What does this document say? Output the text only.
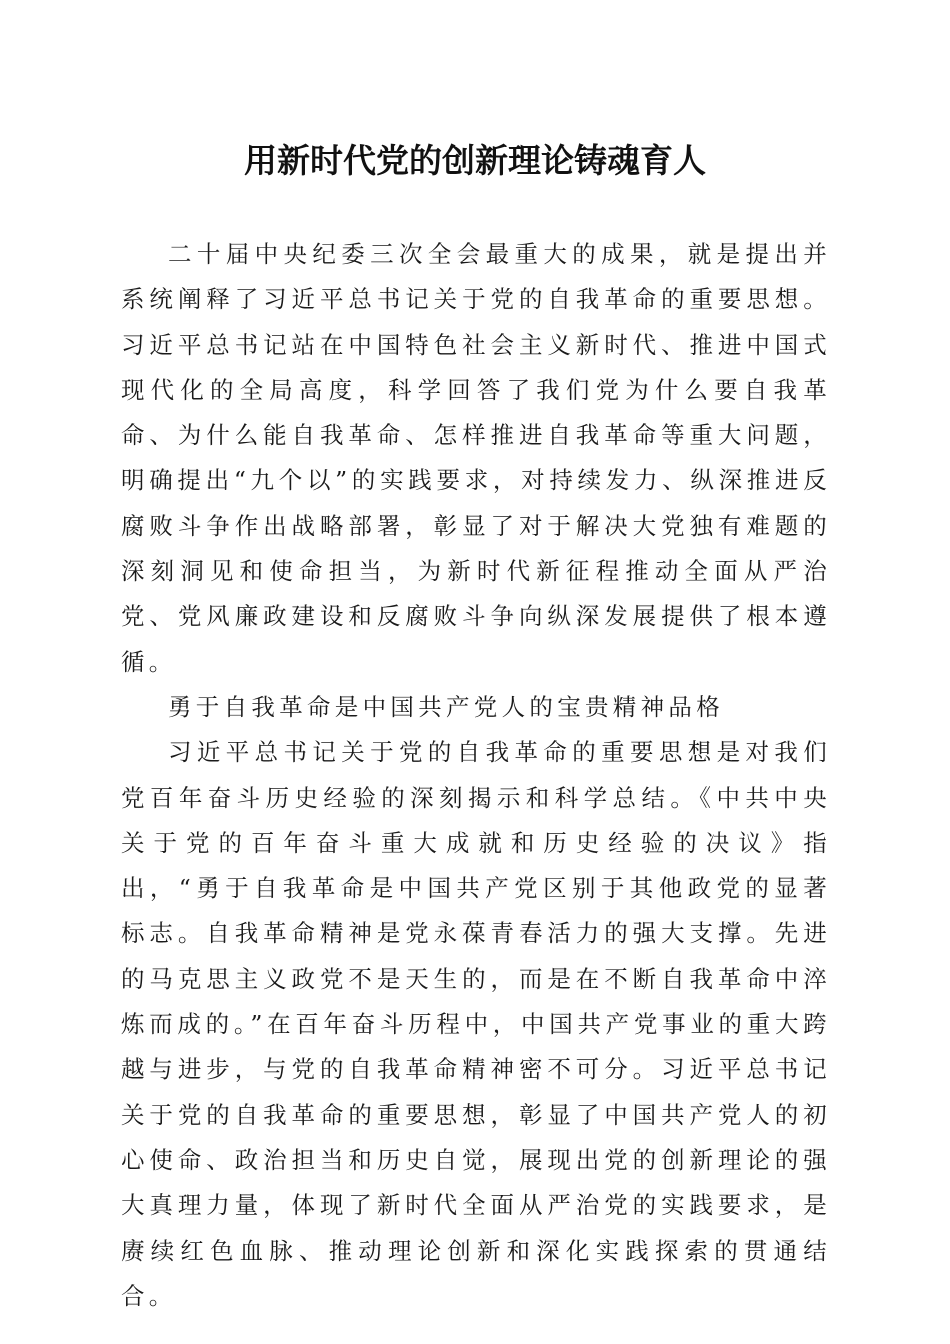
用新时代党的创新理论铸魂育人

二十届中央纪委三次全会最重大的成果，就是提出并系统阐释了习近平总书记关于党的自我革命的重要思想。习近平总书记站在中国特色社会主义新时代、推进中国式现代化的全局高度，科学回答了我们党为什么要自我革命、为什么能自我革命、怎样推进自我革命等重大问题，明确提出“九个以”的实践要求，对持续发力、纵深推进反腐败斗争作出战略部署，彰显了对于解决大党独有难题的深刻洞见和使命担当，为新时代新征程推动全面从严治党、党风廉政建设和反腐败斗争向纵深发展提供了根本遵循。

勇于自我革命是中国共产党人的宝贵精神品格

习近平总书记关于党的自我革命的重要思想是对我们党百年奋斗历史经验的深刻揭示和科学总结。《中共中央关于党的百年奋斗重大成就和历史经验的决议》指出，“勇于自我革命是中国共产党区别于其他政党的显著标志。自我革命精神是党永葆青春活力的强大支撑。先进的马克思主义政党不是天生的，而是在不断自我革命中淬炼而成的。”在百年奋斗历程中，中国共产党事业的重大跨越与进步，与党的自我革命精神密不可分。习近平总书记关于党的自我革命的重要思想，彰显了中国共产党人的初心使命、政治担当和历史自觉，展现出党的创新理论的强大真理力量，体现了新时代全面从严治党的实践要求，是赓续红色血脉、推动理论创新和深化实践探索的贯通结合。
